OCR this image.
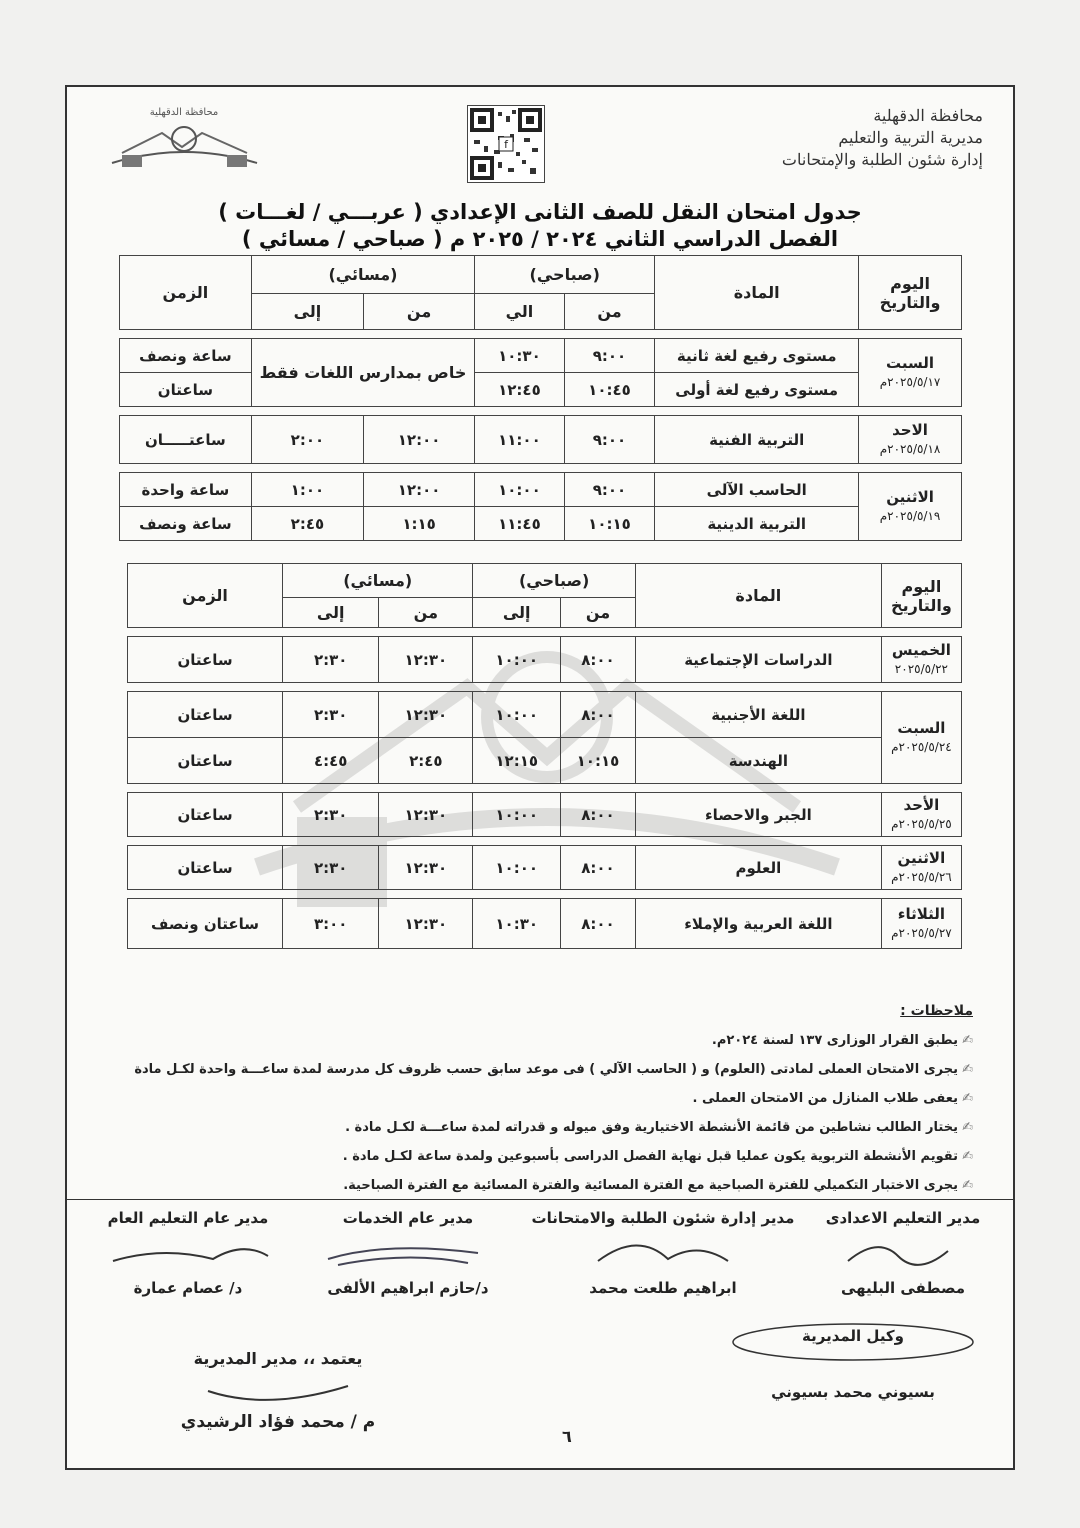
محافظة الدقهلية
مديرية التربية والتعليم
إدارة شئون الطلبة والإمتحانات
f
محافظة الدقهلية
جدول امتحان النقل للصف الثانى الإعدادي ( عربـــي / لغـــات )
الفصل الدراسي الثاني ٢٠٢٤ / ٢٠٢٥ م ( صباحي / مسائي )
اليوم
والتاريخ	المادة	(صباحي)		(مسائي)		الزمن
		من	الي	من	إلى	

السبت
٢٠٢٥/٥/١٧م	مستوى رفيع لغة ثانية	٩:٠٠	١٠:٣٠	خاص بمدارس اللغات فقط		ساعة ونصف
	مستوى رفيع لغة أولى	١٠:٤٥	١٢:٤٥			ساعتان

الاحد
٢٠٢٥/٥/١٨م	التربية الفنية	٩:٠٠	١١:٠٠	١٢:٠٠	٢:٠٠	ساعتـــــان

الاثنين
٢٠٢٥/٥/١٩م	الحاسب الآلى	٩:٠٠	١٠:٠٠	١٢:٠٠	١:٠٠	ساعة واحدة
	التربية الدينية	١٠:١٥	١١:٤٥	١:١٥	٢:٤٥	ساعة ونصف
اليوم
والتاريخ	المادة	(صباحي)		(مسائي)		الزمن
		من	إلى	من	إلى	

الخميس
٢٠٢٥/٥/٢٢	الدراسات الإجتماعية	٨:٠٠	١٠:٠٠	١٢:٣٠	٢:٣٠	ساعتان

السبت
٢٠٢٥/٥/٢٤م	اللغة الأجنبية	٨:٠٠	١٠:٠٠	١٢:٣٠	٢:٣٠	ساعتان
	الهندسة	١٠:١٥	١٢:١٥	٢:٤٥	٤:٤٥	ساعتان

الأحد
٢٠٢٥/٥/٢٥م	الجبر والاحصاء	٨:٠٠	١٠:٠٠	١٢:٣٠	٢:٣٠	ساعتان

الاثنين
٢٠٢٥/٥/٢٦م	العلوم	٨:٠٠	١٠:٠٠	١٢:٣٠	٢:٣٠	ساعتان

الثلاثاء
٢٠٢٥/٥/٢٧م	اللغة العربية والإملاء	٨:٠٠	١٠:٣٠	١٢:٣٠	٣:٠٠	ساعتان ونصف
ملاحظات :
✍ يطبق القرار الوزارى ١٣٧ لسنة ٢٠٢٤م.
✍ يجرى الامتحان العملى لمادتى (العلوم) و ( الحاسب الآلي ) فى موعد سابق حسب ظروف كل مدرسة لمدة ساعـــة واحدة لكـل مادة
✍ يعفى طلاب المنازل من الامتحان العملى .
✍ يختار الطالب نشاطين من قائمة الأنشطة الاختيارية وفق ميوله و قدراته لمدة ساعـــة لكـل مادة .
✍ تقويم الأنشطة التربوية يكون عمليا قبل نهاية الفصل الدراسى بأسبوعين ولمدة ساعة لكـل مادة .
✍ يجرى الاختبار التكميلي للفترة الصباحية مع الفترة المسائية والفترة المسائية مع الفترة الصباحية.
مدير التعليم الاعدادى
مصطفى البليهى
مدير إدارة شئون الطلبة والامتحانات
ابراهيم طلعت محمد
مدير عام الخدمات
د/حازم ابراهيم الألفى
مدير عام التعليم العام
د/ عصام عمارة
وكيل المديرية
بسيوني محمد بسيوني
يعتمد ،، مدير المديرية
م / محمد فؤاد الرشيدي
٦
